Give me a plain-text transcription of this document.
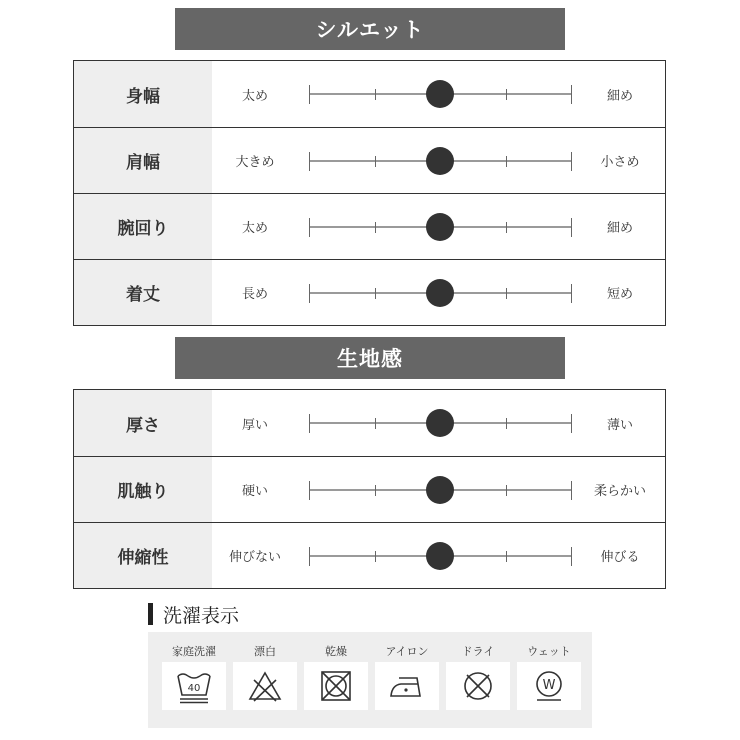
シルエット
身幅	太め	細め
肩幅	大きめ	小さめ
腕回り	太め	細め
着丈	長め	短め
生地感
厚さ	厚い	薄い
肌触り	硬い	柔らかい
伸縮性	伸びない	伸びる
洗濯表示
家庭洗濯
40
漂白	乾燥	アイロン	ドライ	ウェット
W
